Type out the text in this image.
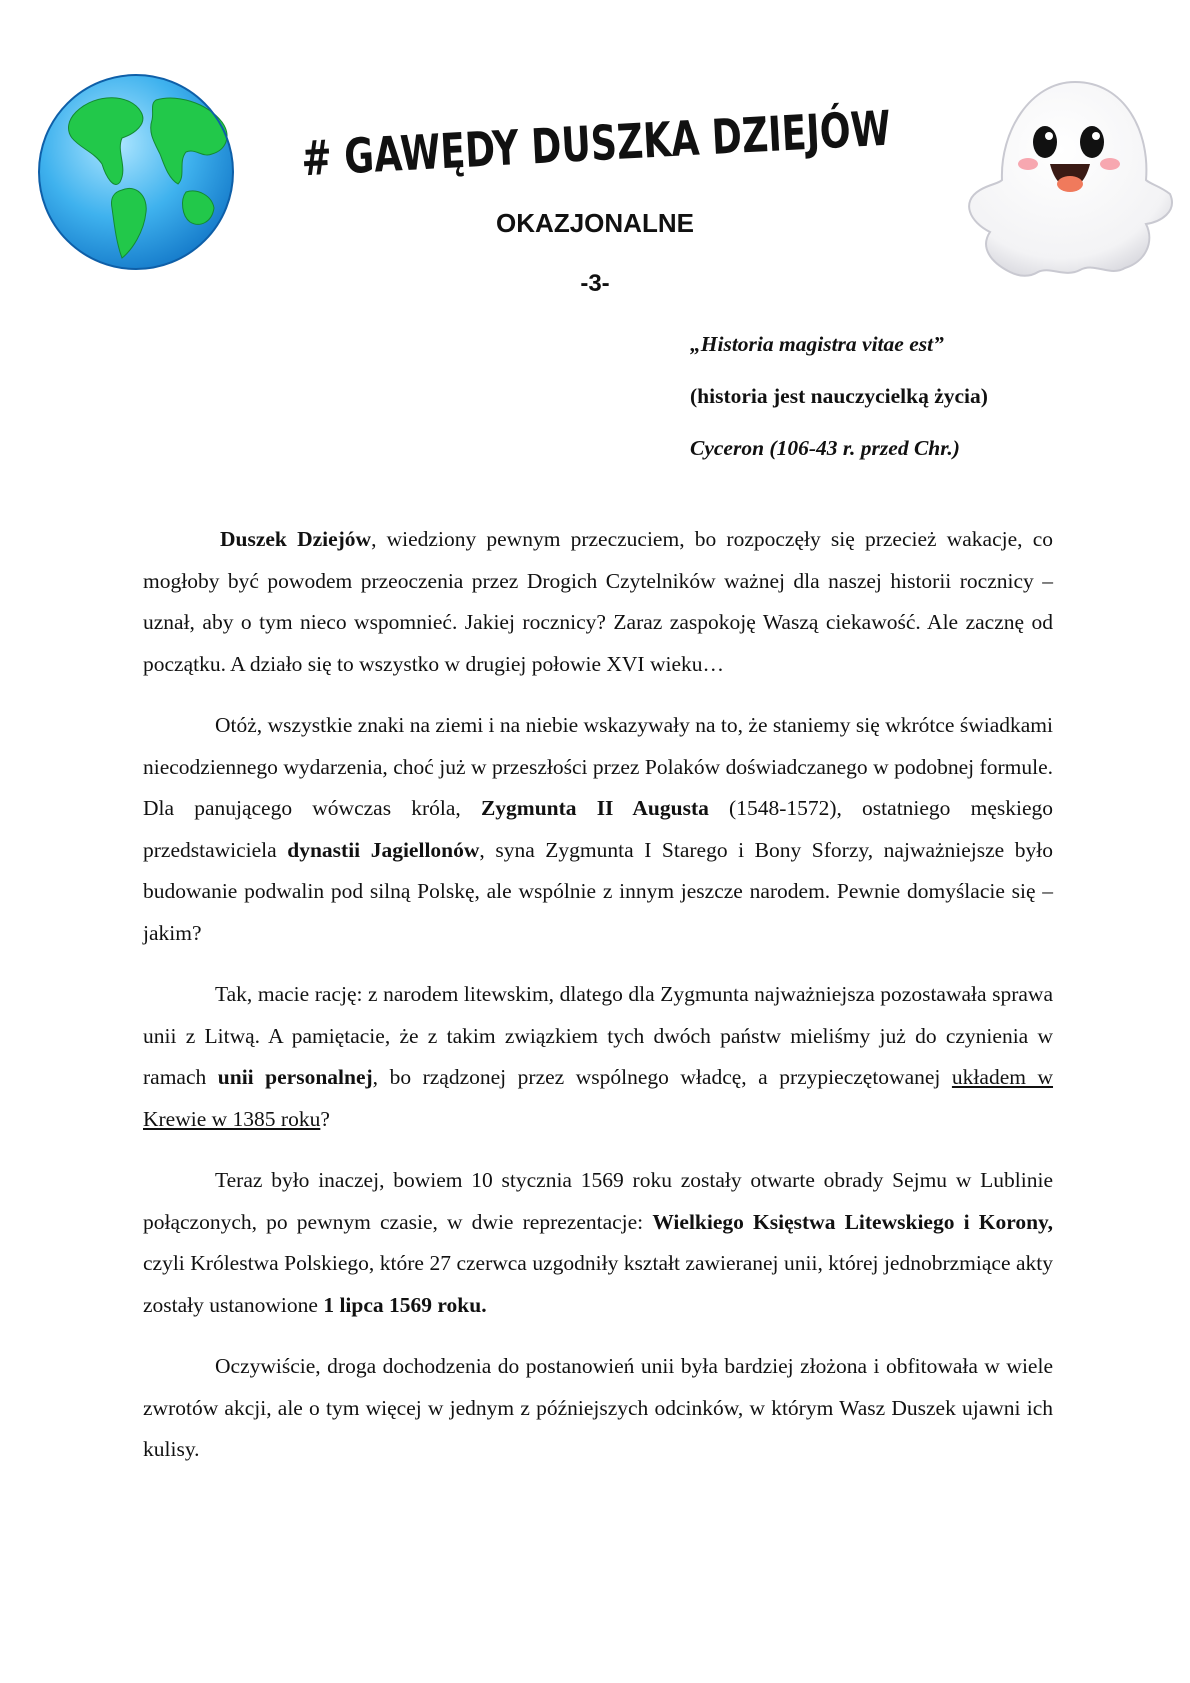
# GAWĘDY DUSZKA DZIEJÓW
OKAZJONALNE
-3-
„Historia magistra vitae est”
(historia jest nauczycielką życia)
Cyceron (106-43 r. przed Chr.)

Duszek Dziejów, wiedziony pewnym przeczuciem, bo rozpoczęły się przecież wakacje, co mogłoby być powodem przeoczenia przez Drogich Czytelników ważnej dla naszej historii rocznicy – uznał, aby o tym nieco wspomnieć. Jakiej rocznicy? Zaraz zaspokoję Waszą ciekawość. Ale zacznę od początku. A działo się to wszystko w drugiej połowie XVI wieku…

Otóż, wszystkie znaki na ziemi i na niebie wskazywały na to, że staniemy się wkrótce świadkami niecodziennego wydarzenia, choć już w przeszłości przez Polaków doświadczanego w podobnej formule. Dla panującego wówczas króla, Zygmunta II Augusta (1548-1572), ostatniego męskiego przedstawiciela dynastii Jagiellonów, syna Zygmunta I Starego i Bony Sforzy, najważniejsze było budowanie podwalin pod silną Polskę, ale wspólnie z innym jeszcze narodem. Pewnie domyślacie się – jakim?

Tak, macie rację: z narodem litewskim, dlatego dla Zygmunta najważniejsza pozostawała sprawa unii z Litwą. A pamiętacie, że z takim związkiem tych dwóch państw mieliśmy już do czynienia w ramach unii personalnej, bo rządzonej przez wspólnego władcę, a przypieczętowanej układem w Krewie w 1385 roku?

Teraz było inaczej, bowiem 10 stycznia 1569 roku zostały otwarte obrady Sejmu w Lublinie połączonych, po pewnym czasie, w dwie reprezentacje: Wielkiego Księstwa Litewskiego i Korony, czyli Królestwa Polskiego, które 27 czerwca uzgodniły kształt zawieranej unii, której jednobrzmiące akty zostały ustanowione 1 lipca 1569 roku.

Oczywiście, droga dochodzenia do postanowień unii była bardziej złożona i obfitowała w wiele zwrotów akcji, ale o tym więcej w jednym z późniejszych odcinków, w którym Wasz Duszek ujawni ich kulisy.
